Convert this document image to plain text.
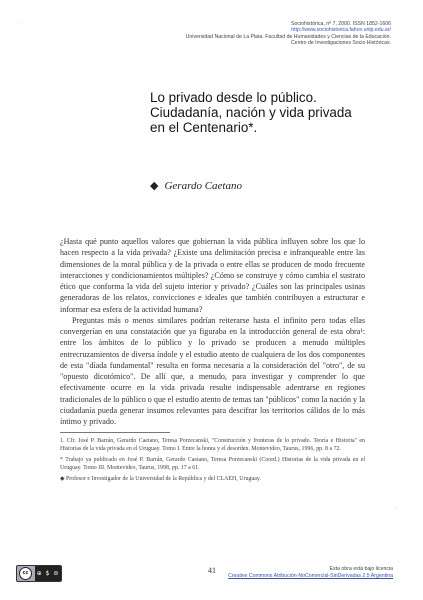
Sociohistórica, nº 7, 2000. ISSN 1852-1606
http://www.sociohistorica.fahce.unlp.edu.ar/
Universidad Nacional de La Plata. Facultad de Humanidades y Ciencias de la Educación.
Centro de Investigaciones Socio Históricas.
Lo privado desde lo público.
Ciudadanía, nación y vida privada
en el Centenario*.
◆ Gerardo Caetano

¿Hasta qué punto aquellos valores que gobiernan la vida pública influyen sobre los que lo hacen respecto a la vida privada? ¿Existe una delimitación precisa e infranqueable entre las dimensiones de la moral pública y de la privada o entre ellas se producen de modo frecuente interacciones y condicionamientos múltiples? ¿Cómo se construye y cómo cambia el sustrato ético que conforma la vida del sujeto interior y privado? ¿Cuáles son las principales usinas generadoras de los relatos, convicciones e ideales que también contribuyen a estructurar e informar esa esfera de la actividad humana?

Preguntas más o menos similares podrían reiterarse hasta el infinito pero todas ellas convergerían en una constatación que ya figuraba en la introducción general de esta obra¹: entre los ámbitos de lo público y lo privado se producen a menudo múltiples entrecruzamientos de diversa índole y el estudio atento de cualquiera de los dos componentes de esta "díada fundamental" resulta en forma necesaria a la consideración del "otro", de su "opuesto dicotómico". De allí que, a menudo, para investigar y comprender lo que efectivamente ocurre en la vida privada resulte indispensable adentrarse en regiones tradicionales de lo público o que el estudio atento de temas tan "públicos" como la nación y la ciudadanía pueda generar insumos relevantes para descifrar los territorios cálidos de lo más íntimo y privado.

1. Cfr. José P. Barrán, Gerardo Caetano, Teresa Porzecanski, "Construcción y fronteras de lo privado. Teoría e Historia" en Historias de la vida privada en el Uruguay. Tomo I. Entre la honra y el desorden. Montevideo, Taurus, 1996, pp. 8 a 72.

* Trabajo ya publicado en José P. Barrán, Gerardo Caetano, Teresa Porzecanski (Coord.) Historias de la vida privada en el Uruguay. Tomo III. Montevideo, Taurus, 1998, pp. 17 a 61.

◆ Profesor e Investigador de la Universidad de la República y del CLAEH, Uruguay.

·
·
cc	⊕ $ ⊜	41	Esta obra está bajo licencia
Creative Commons Atribución-NoComercial-SinDerivadas 2.5 Argentina
